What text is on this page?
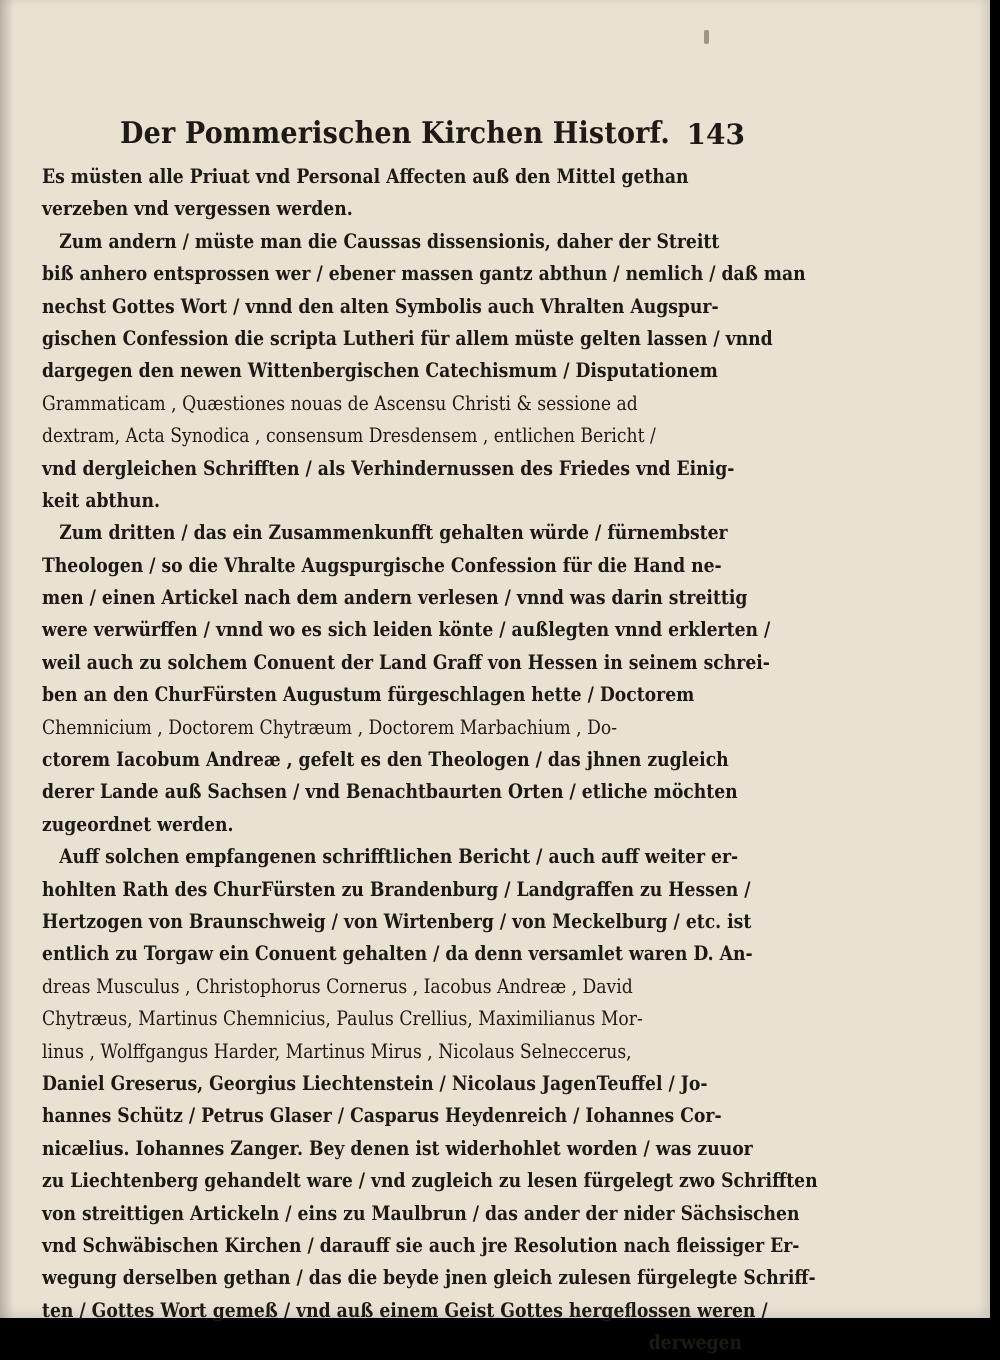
Der Pommerischen Kirchen Historf. 143
Es müsten alle Priuat vnd Personal Affecten auß den Mittel gethan
verzeben vnd vergessen werden.
Zum andern / müste man die Caussas dissensionis, daher der Streitt
biß anhero entsprossen wer / ebener massen gantz abthun / nemlich / daß man
nechst Gottes Wort / vnnd den alten Symbolis auch Vhralten Augspur-
gischen Confession die scripta Lutheri für allem müste gelten lassen / vnnd
dargegen den newen Wittenbergischen Catechismum / Disputationem
Grammaticam , Quæstiones nouas de Ascensu Christi & sessione ad
dextram, Acta Synodica , consensum Dresdensem , entlichen Bericht /
vnd dergleichen Schrifften / als Verhindernussen des Friedes vnd Einig-
keit abthun.
Zum dritten / das ein Zusammenkunfft gehalten würde / fürnembster
Theologen / so die Vhralte Augspurgische Confession für die Hand ne-
men / einen Artickel nach dem andern verlesen / vnnd was darin streittig
were verwürffen / vnnd wo es sich leiden könte / außlegten vnnd erklerten /
weil auch zu solchem Conuent der Land Graff von Hessen in seinem schrei-
ben an den ChurFürsten Augustum fürgeschlagen hette / Doctorem
Chemnicium , Doctorem Chytræum , Doctorem Marbachium , Do-
ctorem Iacobum Andreæ , gefelt es den Theologen / das jhnen zugleich
derer Lande auß Sachsen / vnd Benachtbaurten Orten / etliche möchten
zugeordnet werden.
Auff solchen empfangenen schrifftlichen Bericht / auch auff weiter er-
hohlten Rath des ChurFürsten zu Brandenburg / Landgraffen zu Hessen /
Hertzogen von Braunschweig / von Wirtenberg / von Meckelburg / etc. ist
entlich zu Torgaw ein Conuent gehalten / da denn versamlet waren D. An-
dreas Musculus , Christophorus Cornerus , Iacobus Andreæ , David
Chytræus, Martinus Chemnicius, Paulus Crellius, Maximilianus Mor-
linus , Wolffgangus Harder, Martinus Mirus , Nicolaus Selneccerus,
Daniel Greserus, Georgius Liechtenstein / Nicolaus JagenTeuffel / Jo-
hannes Schütz / Petrus Glaser / Casparus Heydenreich / Iohannes Cor-
nicælius. Iohannes Zanger. Bey denen ist widerhohlet worden / was zuuor
zu Liechtenberg gehandelt ware / vnd zugleich zu lesen fürgelegt zwo Schrifften
von streittigen Artickeln / eins zu Maulbrun / das ander der nider Sächsischen
vnd Schwäbischen Kirchen / darauff sie auch jre Resolution nach fleissiger Er-
wegung derselben gethan / das die beyde jnen gleich zulesen fürgelegte Schriff-
ten / Gottes Wort gemeß / vnd auß einem Geist Gottes hergeflossen weren /
derwegen
